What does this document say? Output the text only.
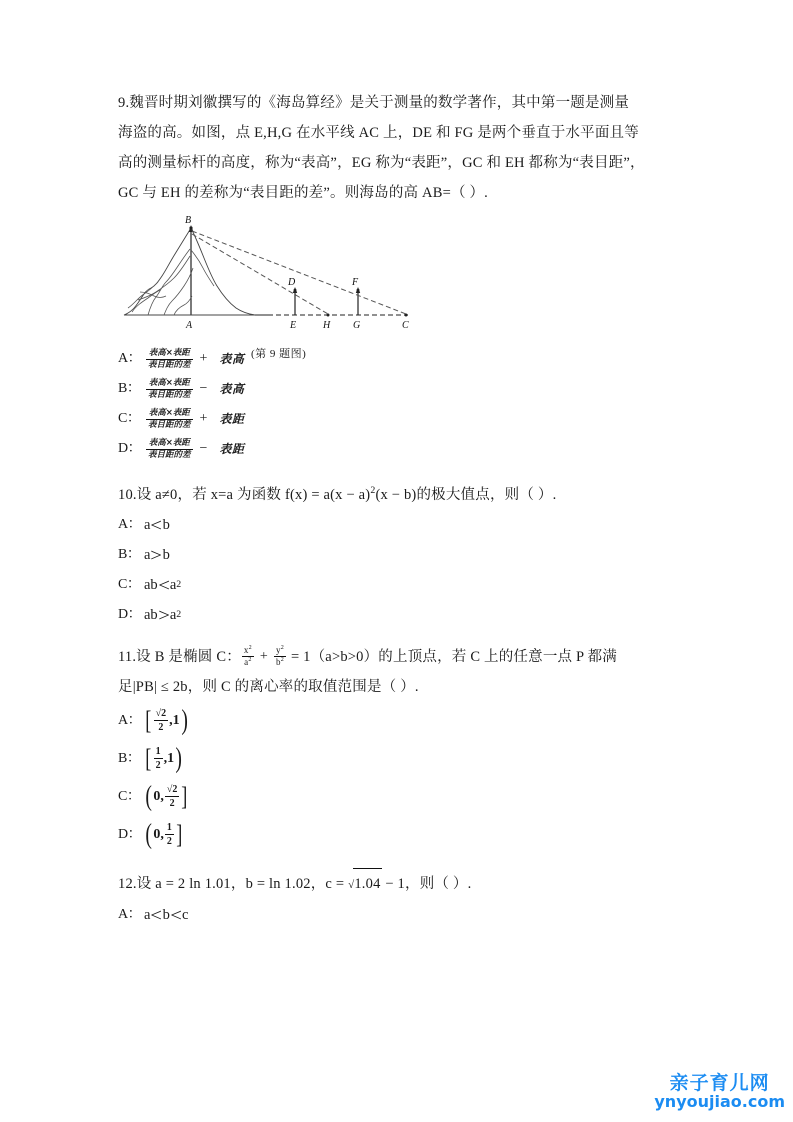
9.魏晋时期刘徽撰写的《海岛算经》是关于测量的数学著作，其中第一题是测量
海盗的高。如图，点 E,H,G 在水平线 AC 上，DE 和 FG 是两个垂直于水平面且等
高的测量标杆的高度，称为“表高”，EG 称为“表距”，GC 和 EH 都称为“表目距”，
GC 与 EH 的差称为“表目距的差”。则海岛的高 AB=（ ）.
B
A
D
E	H
F
G	C
(第 9 题图)
A： $\frac{\text{表高×表距}}{\text{表目距的差}}$ + 表高
B： $\frac{\text{表高×表距}}{\text{表目距的差}}$ − 表高
C： $\frac{\text{表高×表距}}{\text{表目距的差}}$ + 表距
D： $\frac{\text{表高×表距}}{\text{表目距的差}}$ − 表距
10.设 a≠0，若 x=a 为函数 $f(x) = a(x - a)^2(x - b)$的极大值点，则（ ）.
A： a < b
B： a > b
C： ab < a 2
D： ab > a 2
11.设 B 是椭圆 C： $\frac{x^2}{a^2} + \frac{y^2}{b^2} = 1$ （a>b>0）的上顶点，若 C 上的任意一点 P 都满
足|PB| ≤ 2b，则 C 的离心率的取值范围是（ ）.
A： [ $\frac{√2}{2}$ , 1 )
B： [ $\frac{1}{2}$ , 1 )
C： ( 0 , $\frac{√2}{2}$ ]
D： ( 0 , $\frac{1}{2}$ ]
12.设 a = 2 ln 1.01，b = ln 1.02，c = √1.04 − 1，则（ ）.
A： a < b < c
亲子育儿网
ynyoujiao.com
